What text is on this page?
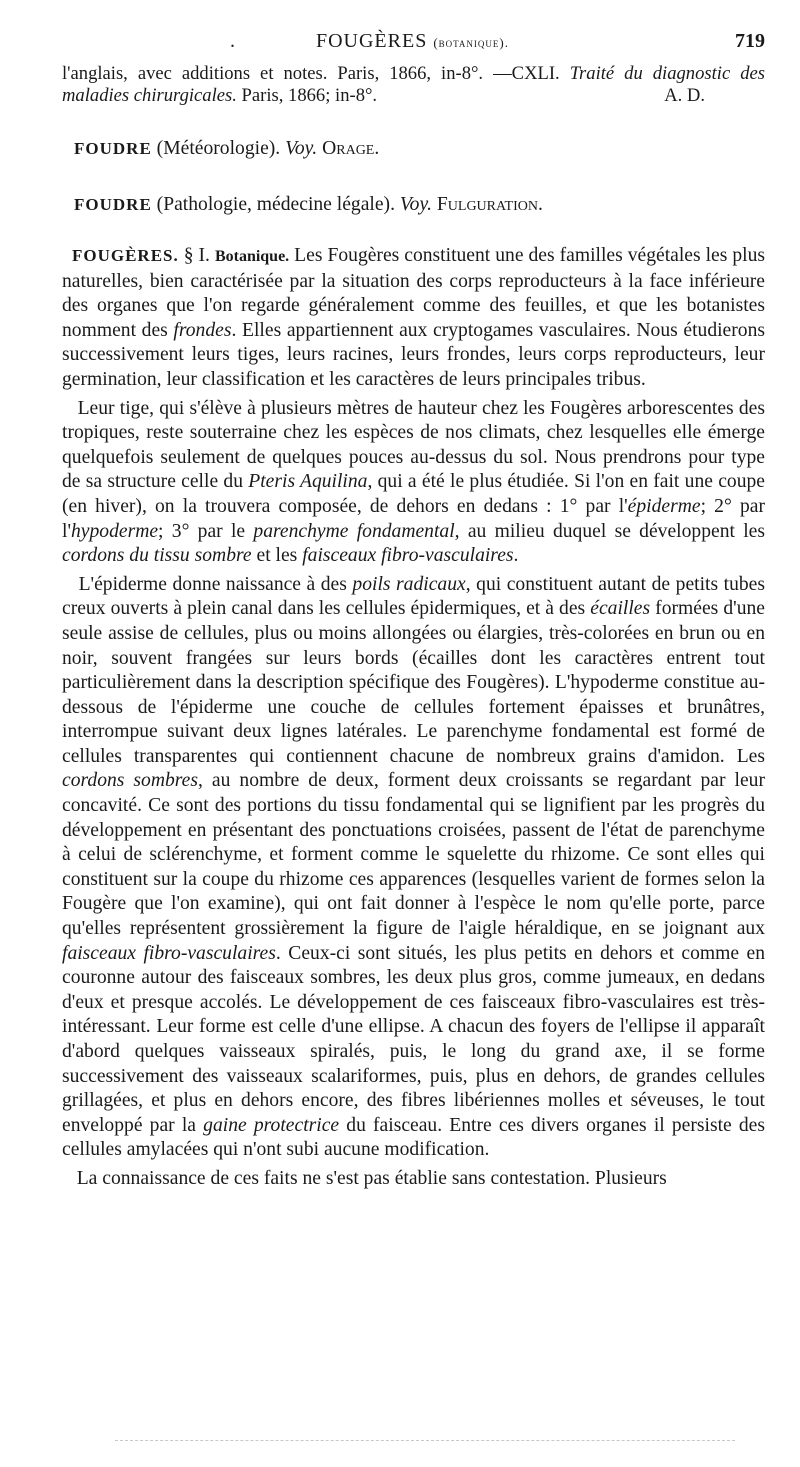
.	FOUGÈRES (botanique).	719
l'anglais, avec additions et notes. Paris, 1866, in-8°. —CXLI. Traité du diagnostic des maladies chirurgicales. Paris, 1866; in-8°.	A. D.
FOUDRE (Météorologie). Voy. Orage.
FOUDRE (Pathologie, médecine légale). Voy. Fulguration.

FOUGÈRES. § I. Botanique. Les Fougères constituent une des familles végétales les plus naturelles, bien caractérisée par la situation des corps reproducteurs à la face inférieure des organes que l'on regarde généralement comme des feuilles, et que les botanistes nomment des frondes. Elles appartiennent aux cryptogames vasculaires. Nous étudierons successivement leurs tiges, leurs racines, leurs frondes, leurs corps reproducteurs, leur germination, leur classification et les caractères de leurs principales tribus.

Leur tige, qui s'élève à plusieurs mètres de hauteur chez les Fougères arborescentes des tropiques, reste souterraine chez les espèces de nos climats, chez lesquelles elle émerge quelquefois seulement de quelques pouces au-dessus du sol. Nous prendrons pour type de sa structure celle du Pteris Aquilina, qui a été le plus étudiée. Si l'on en fait une coupe (en hiver), on la trouvera composée, de dehors en dedans : 1° par l'épiderme; 2° par l'hypoderme; 3° par le parenchyme fondamental, au milieu duquel se développent les cordons du tissu sombre et les faisceaux fibro-vasculaires.

L'épiderme donne naissance à des poils radicaux, qui constituent autant de petits tubes creux ouverts à plein canal dans les cellules épidermiques, et à des écailles formées d'une seule assise de cellules, plus ou moins allongées ou élargies, très-colorées en brun ou en noir, souvent frangées sur leurs bords (écailles dont les caractères entrent tout particulièrement dans la description spécifique des Fougères). L'hypoderme constitue au-dessous de l'épiderme une couche de cellules fortement épaisses et brunâtres, interrompue suivant deux lignes latérales. Le parenchyme fondamental est formé de cellules transparentes qui contiennent chacune de nombreux grains d'amidon. Les cordons sombres, au nombre de deux, forment deux croissants se regardant par leur concavité. Ce sont des portions du tissu fondamental qui se lignifient par les progrès du développement en présentant des ponctuations croisées, passent de l'état de parenchyme à celui de sclérenchyme, et forment comme le squelette du rhizome. Ce sont elles qui constituent sur la coupe du rhizome ces apparences (lesquelles varient de formes selon la Fougère que l'on examine), qui ont fait donner à l'espèce le nom qu'elle porte, parce qu'elles représentent grossièrement la figure de l'aigle héraldique, en se joignant aux faisceaux fibro-vasculaires. Ceux-ci sont situés, les plus petits en dehors et comme en couronne autour des faisceaux sombres, les deux plus gros, comme jumeaux, en dedans d'eux et presque accolés. Le développement de ces faisceaux fibro-vasculaires est très-intéressant. Leur forme est celle d'une ellipse. A chacun des foyers de l'ellipse il apparaît d'abord quelques vaisseaux spiralés, puis, le long du grand axe, il se forme successivement des vaisseaux scalariformes, puis, plus en dehors, de grandes cellules grillagées, et plus en dehors encore, des fibres libériennes molles et séveuses, le tout enveloppé par la gaine protectrice du faisceau. Entre ces divers organes il persiste des cellules amylacées qui n'ont subi aucune modification.

La connaissance de ces faits ne s'est pas établie sans contestation. Plusieurs
